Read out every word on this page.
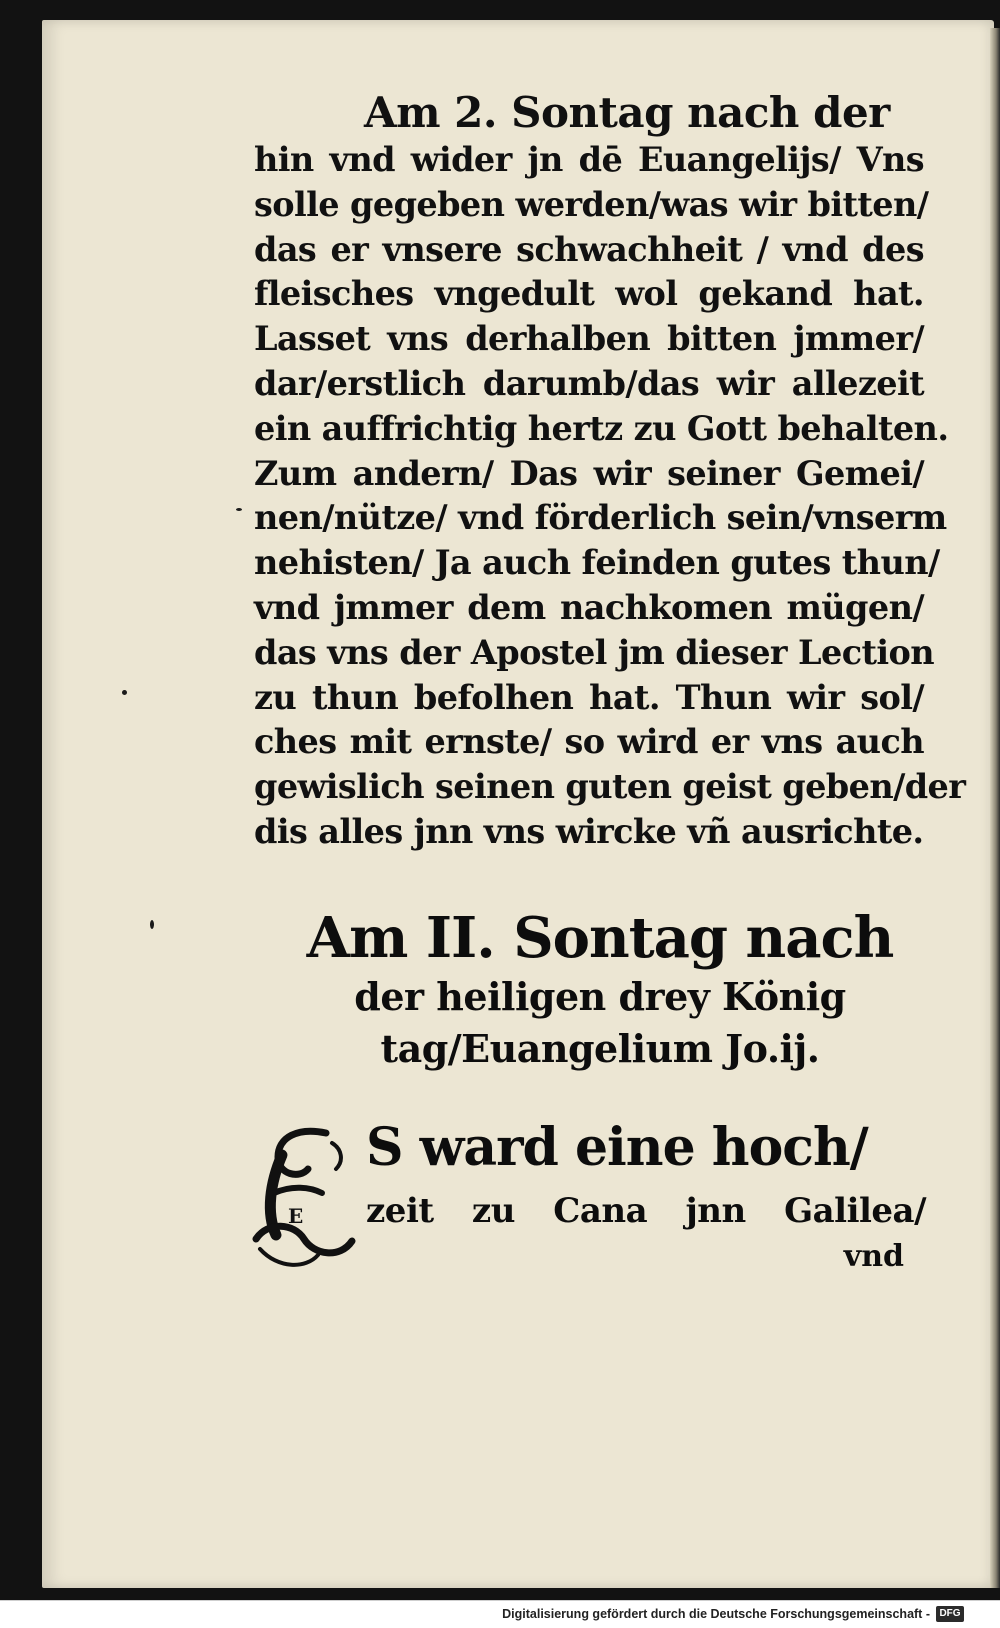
Am 2. Sontag nach der
hin vnd wider jn dē Euangelijs/ Vns
solle gegeben werden/was wir bitten/
das er vnsere schwachheit / vnd des
fleisches vngedult wol gekand hat.
Lasset vns derhalben bitten jmmer/
dar/erstlich darumb/das wir allezeit
ein auffrichtig hertz zu Gott behalten.
Zum andern/ Das wir seiner Gemei/
nen/nütze/ vnd förderlich sein/vnserm
nehisten/ Ja auch feinden gutes thun/
vnd jmmer dem nachkomen mügen/
das vns der Apostel jm dieser Lection
zu thun befolhen hat. Thun wir sol/
ches mit ernste/ so wird er vns auch
gewislich seinen guten geist geben/der
dis alles jnn vns wircke vñ ausrichte.
Am II. Sontag nach
der heiligen drey König
tag/Euangelium Jo.ij.
E
S ward eine hoch/
zeit zu Cana jnn Galilea/
vnd
Digitalisierung gefördert durch die Deutsche Forschungsgemeinschaft - DFG
